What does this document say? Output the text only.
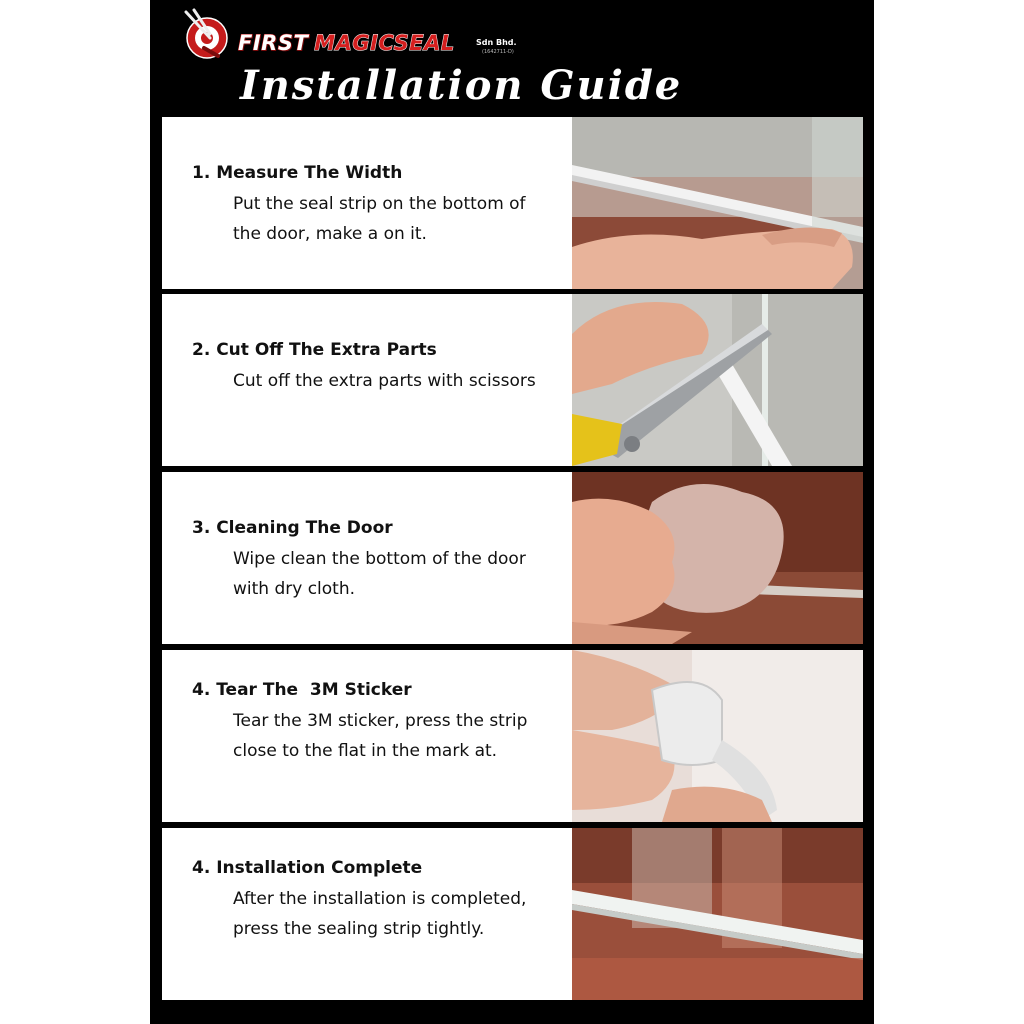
FIRST MAGICSEAL	Sdn Bhd.
(1642711-D)
Installation Guide
1. Measure The Width
Put the seal strip on the bottom of the door, make a on it.
2. Cut Off The Extra Parts
Cut off the extra parts with scissors
3. Cleaning The Door
Wipe clean the bottom of the door with dry cloth.
4. Tear The  3M Sticker
Tear the 3M sticker, press the strip close to the flat in the mark at.
4. Installation Complete
After the installation is completed, press the sealing strip tightly.
